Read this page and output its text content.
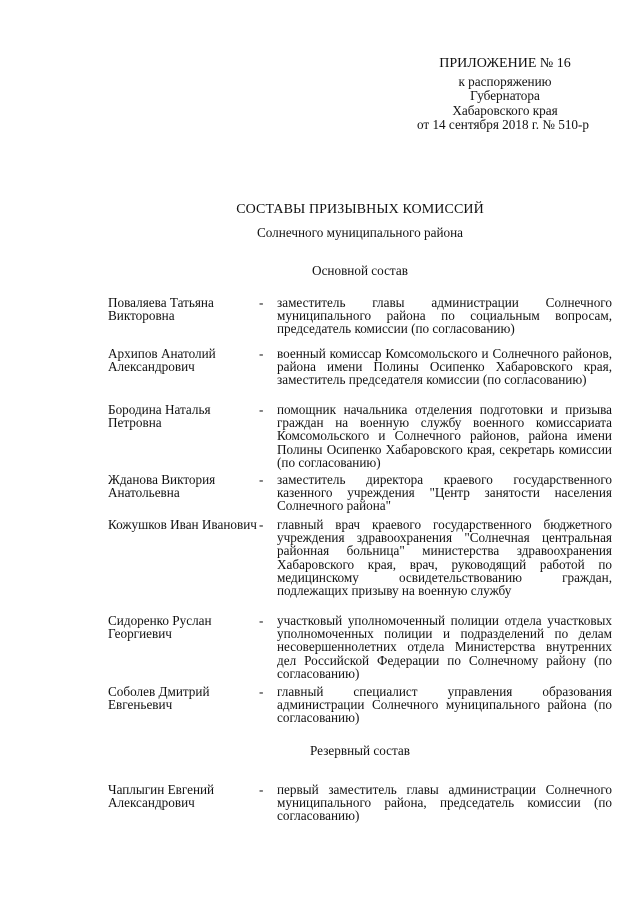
ПРИЛОЖЕНИЕ № 16
к распоряжению
Губернатора
Хабаровского края
от 14 сентября 2018 г. № 510-р
СОСТАВЫ ПРИЗЫВНЫХ КОМИССИЙ
Солнечного муниципального района
Основной состав
Поваляева Татьяна Викторовна
- заместитель главы администрации Солнечного муниципального района по социальным вопросам, председатель комиссии (по согласованию)
Архипов Анатолий Александрович
- военный комиссар Комсомольского и Солнечного районов, района имени Полины Осипенко Хабаровского края, заместитель председателя комиссии (по согласованию)
Бородина Наталья Петровна
- помощник начальника отделения подготовки и призыва граждан на военную службу военного комиссариата Комсомольского и Солнечного районов, района имени Полины Осипенко Хабаровского края, секретарь комиссии (по согласованию)
Жданова Виктория Анатольевна
- заместитель директора краевого государственного казенного учреждения "Центр занятости населения Солнечного района"
Кожушков Иван Иванович - главный врач краевого государственного бюджетного учреждения здравоохранения "Солнечная центральная районная больница" министерства здравоохранения Хабаровского края, врач, руководящий работой по медицинскому освидетельствованию граждан, подлежащих призыву на военную службу
Сидоренко Руслан Георгиевич
- участковый уполномоченный полиции отдела участковых уполномоченных полиции и подразделений по делам несовершеннолетних отдела Министерства внутренних дел Российской Федерации по Солнечному району (по согласованию)
Соболев Дмитрий Евгеньевич
- главный специалист управления образования администрации Солнечного муниципального района (по согласованию)
Резервный состав
Чаплыгин Евгений Александрович
- первый заместитель главы администрации Солнечного муниципального района, председатель комиссии (по согласованию)
